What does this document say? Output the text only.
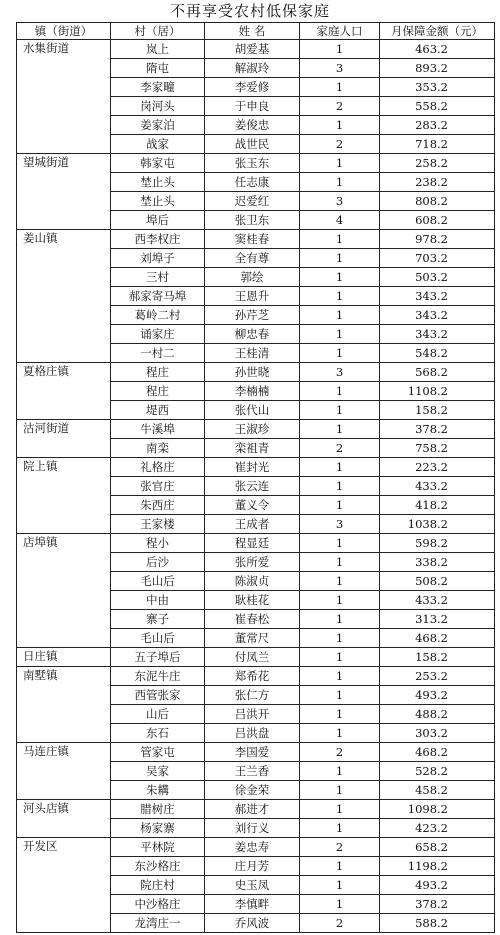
不再享受农村低保家庭
镇（街道）	村（居）	姓 名	家庭人口	月保障金额（元）
水集街道	岚上	胡爱基	1	463.2
	隋屯	解淑玲	3	893.2
	李家疃	李爱修	1	353.2
	岗河头	于申良	2	558.2
	姜家泊	姜俊忠	1	283.2
	战家	战世民	2	718.2
望城街道	韩家屯	张玉东	1	258.2
	埜止头	任志康	1	238.2
	埜止头	迟爱红	3	808.2
	埠后	张卫东	4	608.2
姜山镇	西李权庄	窦桂春	1	978.2
	刘埠子	全有尊	1	703.2
	三村	郭绘	1	503.2
	郝家寄马埠	王恩升	1	343.2
	葛岭二村	孙芹芝	1	343.2
	诵家庄	柳忠春	1	343.2
	一村二	王桂清	1	548.2
夏格庄镇	程庄	孙世晓	3	568.2
	程庄	李楠楠	1	1108.2
	堤西	张代山	1	158.2
沽河街道	牛溪埠	王淑珍	1	378.2
	南栾	栾祖青	2	758.2
院上镇	礼格庄	崔封光	1	223.2
	张官庄	张云连	1	433.2
	朱西庄	董义令	1	418.2
	王家楼	王成者	3	1038.2
店埠镇	程小	程显廷	1	598.2
	后沙	张所爱	1	338.2
	毛山后	陈淑贞	1	508.2
	中由	耿桂花	1	433.2
	寨子	崔春松	1	313.2
	毛山后	董常尺	1	468.2
日庄镇	五子埠后	付凤兰	1	158.2
南墅镇	东泥牛庄	郑希花	1	253.2
	西管张家	张仁方	1	493.2
	山后	吕洪开	1	488.2
	东石	吕洪盘	1	303.2
马连庄镇	管家屯	李国爱	2	468.2
	吴家	王兰香	1	528.2
	朱耩	徐金荣	1	458.2
河头店镇	腊树庄	郝进才	1	1098.2
	杨家寨	刘行义	1	423.2
开发区	平林院	姜忠寿	2	658.2
	东沙格庄	庄月芳	1	1198.2
	院庄村	史玉凤	1	493.2
	中沙格庄	李慎畔	1	378.2
	龙湾庄一	乔风波	2	588.2
